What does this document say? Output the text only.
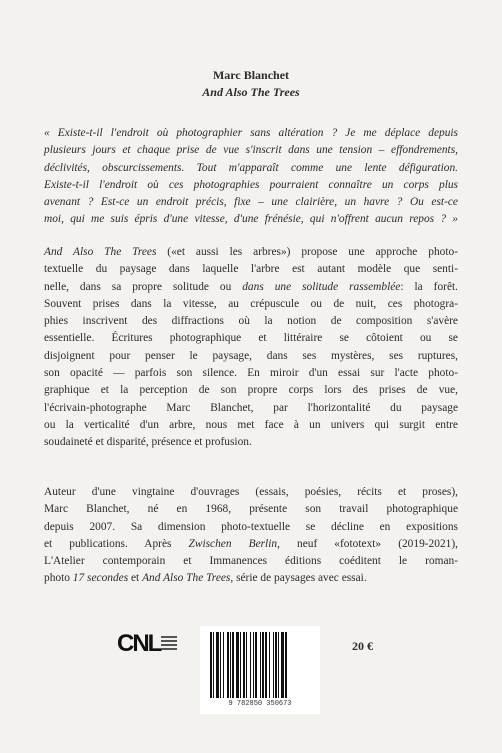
Marc Blanchet
And Also The Trees
« Existe-t-il l'endroit où photographier sans altération ? Je me déplace depuis
plusieurs jours et chaque prise de vue s'inscrit dans une tension – effondrements,
déclivités, obscurcissements. Tout m'apparaît comme une lente défiguration.
Existe-t-il l'endroit où ces photographies pourraient connaître un corps plus
avenant ? Est-ce un endroit précis, fixe – une clairière, un havre ? Ou est-ce
moi, qui me suis épris d'une vitesse, d'une frénésie, qui n'offrent aucun repos ? »
And Also The Trees («et aussi les arbres») propose une approche photo-
textuelle du paysage dans laquelle l'arbre est autant modèle que senti-
nelle, dans sa propre solitude ou dans une solitude rassemblée: la forêt.
Souvent prises dans la vitesse, au crépuscule ou de nuit, ces photogra-
phies inscrivent des diffractions où la notion de composition s'avère
essentielle. Écritures photographique et littéraire se côtoient ou se
disjoignent pour penser le paysage, dans ses mystères, ses ruptures,
son opacité — parfois son silence. En miroir d'un essai sur l'acte photo-
graphique et la perception de son propre corps lors des prises de vue,
l'écrivain-photographe Marc Blanchet, par l'horizontalité du paysage
ou la verticalité d'un arbre, nous met face à un univers qui surgit entre
soudaineté et disparité, présence et profusion.
Auteur d'une vingtaine d'ouvrages (essais, poésies, récits et proses),
Marc Blanchet, né en 1968, présente son travail photographique
depuis 2007. Sa dimension photo-textuelle se décline en expositions
et publications. Après Zwischen Berlin, neuf «fototext» (2019-2021),
L'Atelier contemporain et Immanences éditions coéditent le roman-
photo 17 secondes et And Also The Trees, série de paysages avec essai.
CNL
9 782850 350673
20 €
